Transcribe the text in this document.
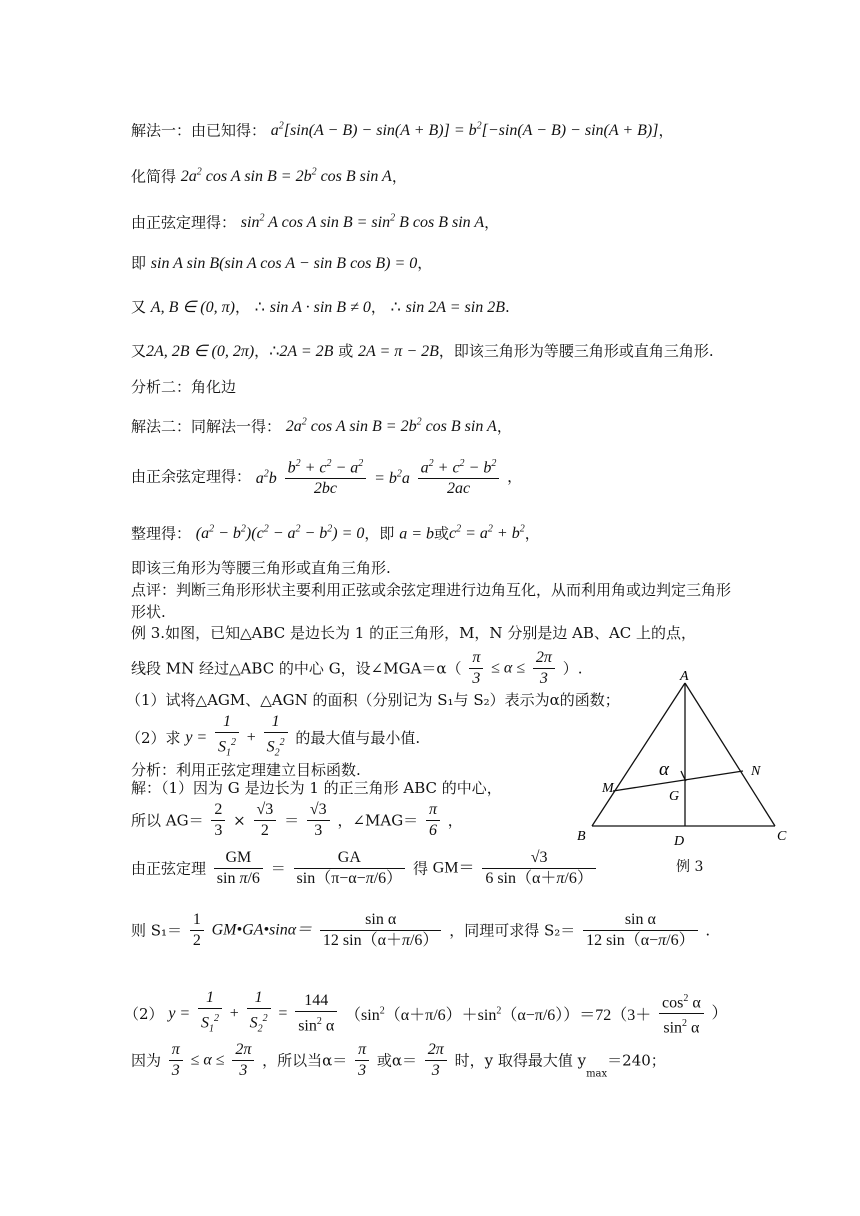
解法一：由已知得： $a^2[\sin(A - B) - \sin(A + B)] = b^2[-\sin(A - B) - \sin(A + B)]$，
化简得 $2a^2$ cos A $\sin B = 2b^2$ cos B sin A，
由正弦定理得： $\sin^2 A$ cos A $\sin B = \sin^2 B$ cos B sin A，
即 sin A sin B(sin A cos A − sin B cos B) = 0，
又 A, B ∈ (0, π)， ∴ sin A · sin B ≠ 0， ∴ sin 2A = sin 2B.
又2A, 2B ∈ (0, 2π)，∴2A = 2B 或 2A = π − 2B，即该三角形为等腰三角形或直角三角形.
分析二：角化边
解法二：同解法一得： $2a^2$ cos A $\sin B = 2b^2$ cos B sin A，
由正余弦定理得： $a^2b \frac{b^2 + c^2 - a^2}{2bc} = b^2a \frac{a^2 + c^2 - b^2}{2ac}$ ，
整理得： $(a^2 - b^2)(c^2 - a^2 - b^2) = 0$，即 a = b或$c^2 = a^2 + b^2$，
即该三角形为等腰三角形或直角三角形.
点评：判断三角形形状主要利用正弦或余弦定理进行边角互化，从而利用角或边判定三角形形状.
例 3.如图，已知△ABC 是边长为 1 的正三角形，M，N 分别是边 AB、AC 上的点，
线段 MN 经过△ABC 的中心 G，设∠MGA＝α（ $\frac{\pi}{3} \le \alpha \le \frac{2\pi}{3}$ ）.
（1）试将△AGM、△AGN 的面积（分别记为 S₁与 S₂）表示为α的函数；
（2）求 $y = \frac{1}{S_1^2} + \frac{1}{S_2^2}$ 的最大值与最小值.
分析：利用正弦定理建立目标函数.
解：（1）因为 G 是边长为 1 的正三角形 ABC 的中心，
所以 $AG= \frac{2}{3} \times \frac{√3}{2} = \frac{√3}{3}$ ，∠MAG＝ $\frac{\pi}{6}$ ，
由正弦定理 $\frac{GM}{\text{sin π/6}} = \frac{GA}{\sin(\pi-\alpha-\pi/6)}$ 得 $GM= \frac{√3}{6 \sin(\alpha+\pi/6)}$
则 $S_1= \frac{1}{2}$ GM•GA•sinα＝ $\frac{\text{sin α}}{12 \sin(\alpha+\pi/6)}$ ，同理可求得 $S_2= \frac{\text{sin α}}{12 \sin(\alpha-\pi/6)}$ .
（2） $y = \frac{1}{S_1^2} + \frac{1}{S_2^2} = \frac{144}{\sin^2 \alpha} (\sin^2(\alpha+\pi/6)+\sin^2(\alpha-\pi/6))=72(3+ \frac{\cos^2 \alpha}{\sin^2 \alpha}$ ）
因为 $\frac{\pi}{3} \le \alpha \le \frac{2\pi}{3}$ ，所以当$\alpha= \frac{\pi}{3}$ 或$\alpha= \frac{2\pi}{3}$ 时，y 取得最大值 $y_{max}=240$；
A
B	C
D
M
N
G
α
例 3
